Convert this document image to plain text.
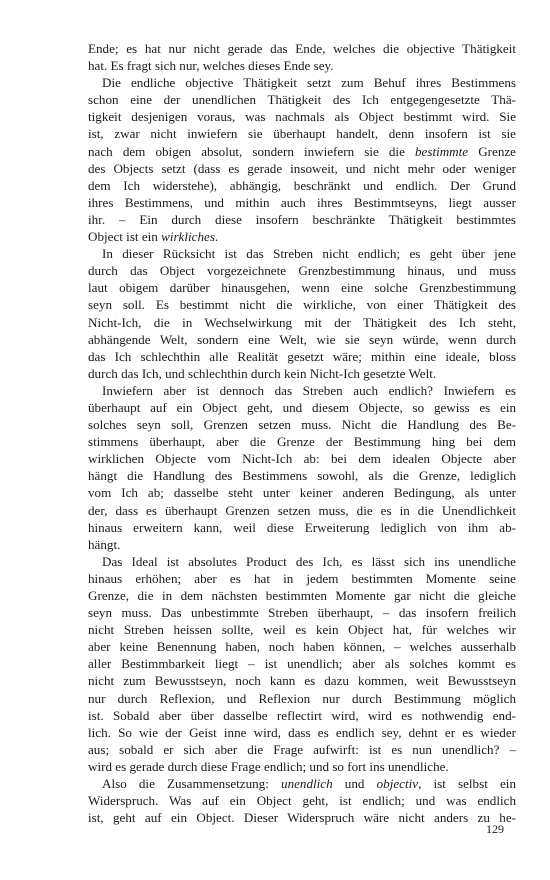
Ende; es hat nur nicht gerade das Ende, welches die objective Thätigkeit
hat. Es fragt sich nur, welches dieses Ende sey.
Die endliche objective Thätigkeit setzt zum Behuf ihres Bestimmens
schon eine der unendlichen Thätigkeit des Ich entgegengesetzte Thä-
tigkeit desjenigen voraus, was nachmals als Object bestimmt wird. Sie
ist, zwar nicht inwiefern sie überhaupt handelt, denn insofern ist sie
nach dem obigen absolut, sondern inwiefern sie die bestimmte Grenze
des Objects setzt (dass es gerade insoweit, und nicht mehr oder weniger
dem Ich widerstehe), abhängig, beschränkt und endlich. Der Grund
ihres Bestimmens, und mithin auch ihres Bestimmtseyns, liegt ausser
ihr. – Ein durch diese insofern beschränkte Thätigkeit bestimmtes
Object ist ein wirkliches.
In dieser Rücksicht ist das Streben nicht endlich; es geht über jene
durch das Object vorgezeichnete Grenzbestimmung hinaus, und muss
laut obigem darüber hinausgehen, wenn eine solche Grenzbestimmung
seyn soll. Es bestimmt nicht die wirkliche, von einer Thätigkeit des
Nicht-Ich, die in Wechselwirkung mit der Thätigkeit des Ich steht,
abhängende Welt, sondern eine Welt, wie sie seyn würde, wenn durch
das Ich schlechthin alle Realität gesetzt wäre; mithin eine ideale, bloss
durch das Ich, und schlechthin durch kein Nicht-Ich gesetzte Welt.
Inwiefern aber ist dennoch das Streben auch endlich? Inwiefern es
überhaupt auf ein Object geht, und diesem Objecte, so gewiss es ein
solches seyn soll, Grenzen setzen muss. Nicht die Handlung des Be-
stimmens überhaupt, aber die Grenze der Bestimmung hing bei dem
wirklichen Objecte vom Nicht-Ich ab: bei dem idealen Objecte aber
hängt die Handlung des Bestimmens sowohl, als die Grenze, lediglich
vom Ich ab; dasselbe steht unter keiner anderen Bedingung, als unter
der, dass es überhaupt Grenzen setzen muss, die es in die Unendlichkeit
hinaus erweitern kann, weil diese Erweiterung lediglich von ihm ab-
hängt.
Das Ideal ist absolutes Product des Ich, es lässt sich ins unendliche
hinaus erhöhen; aber es hat in jedem bestimmten Momente seine
Grenze, die in dem nächsten bestimmten Momente gar nicht die gleiche
seyn muss. Das unbestimmte Streben überhaupt, – das insofern freilich
nicht Streben heissen sollte, weil es kein Object hat, für welches wir
aber keine Benennung haben, noch haben können, – welches ausserhalb
aller Bestimmbarkeit liegt – ist unendlich; aber als solches kommt es
nicht zum Bewusstseyn, noch kann es dazu kommen, weit Bewusstseyn
nur durch Reflexion, und Reflexion nur durch Bestimmung möglich
ist. Sobald aber über dasselbe reflectirt wird, wird es nothwendig end-
lich. So wie der Geist inne wird, dass es endlich sey, dehnt er es wieder
aus; sobald er sich aber die Frage aufwirft: ist es nun unendlich? –
wird es gerade durch diese Frage endlich; und so fort ins unendliche.
Also die Zusammensetzung: unendlich und objectiv, ist selbst ein
Widerspruch. Was auf ein Object geht, ist endlich; und was endlich
ist, geht auf ein Object. Dieser Widerspruch wäre nicht anders zu he-
129
